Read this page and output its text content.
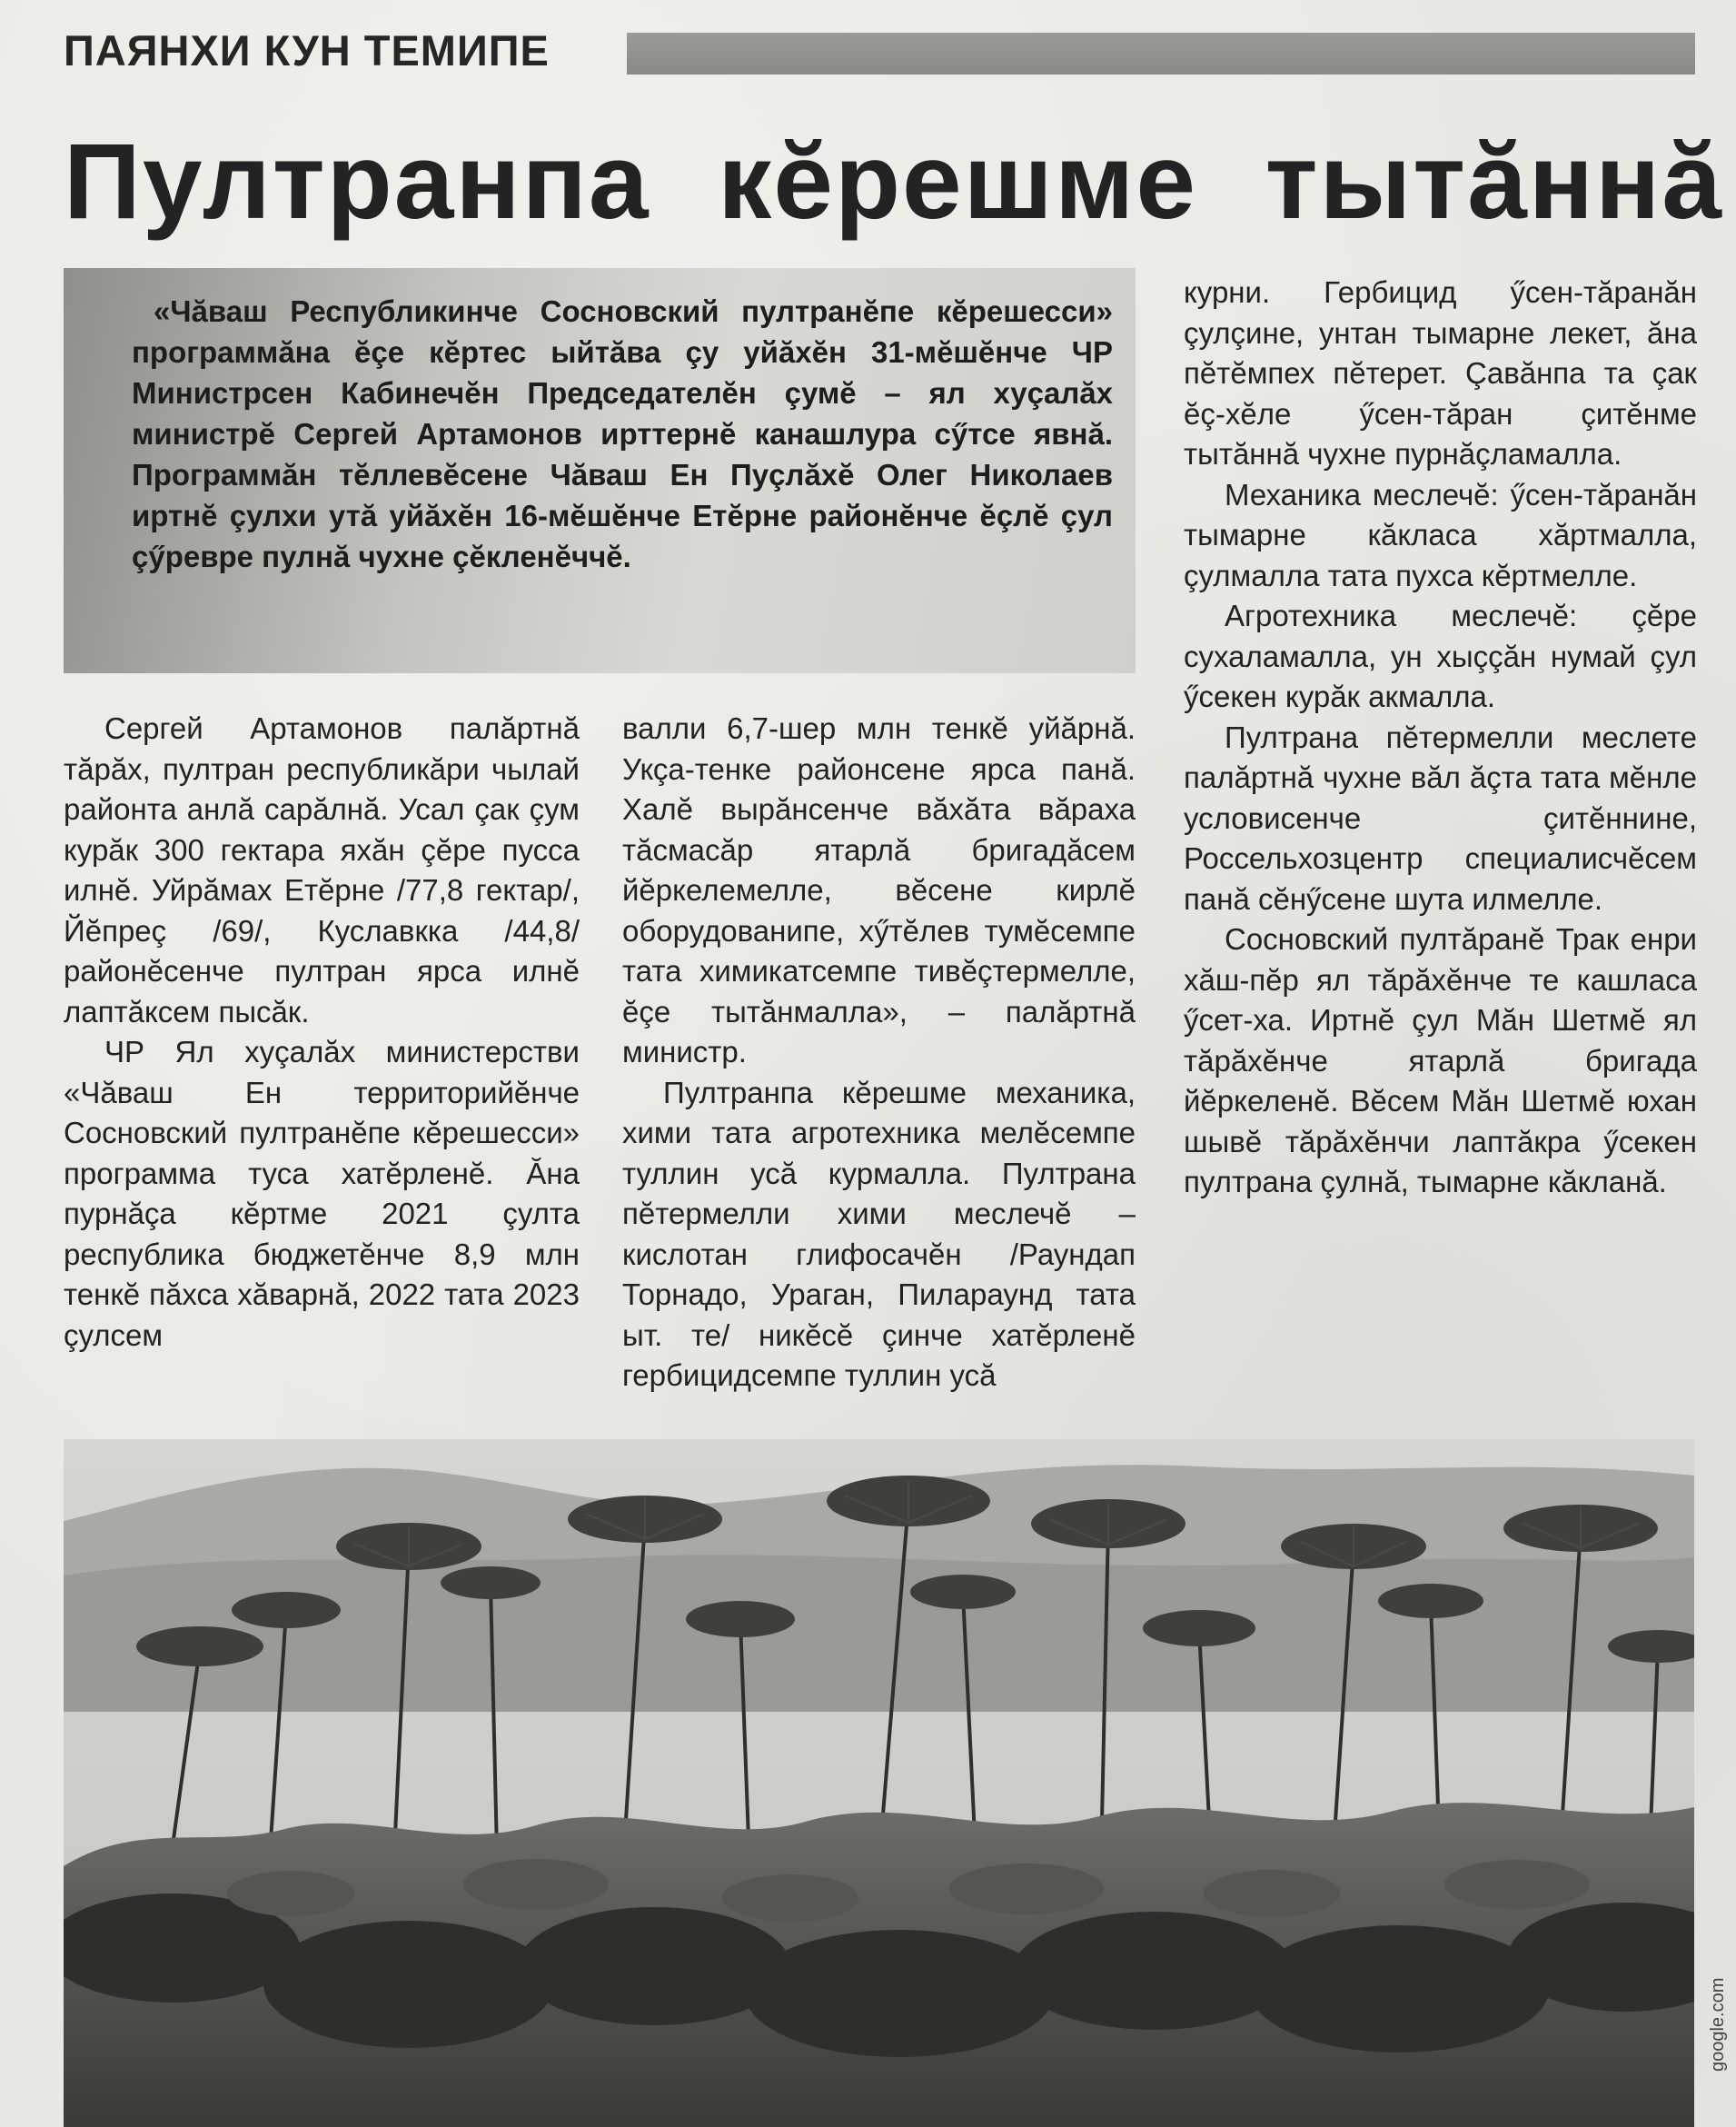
ПАЯНХИ КУН ТЕМИПЕ
Пултранпа кĕрешме тытăннă

«Чăваш Республикинче Сосновский пултранĕпе кĕрешесси» программăна ĕçе кĕртес ыйтăва çу уйăхĕн 31-мĕшĕнче ЧР Министрсен Кабинечĕн Председателĕн çумĕ – ял хуçалăх министрĕ Сергей Артамонов ирттернĕ канашлура сӳтсе явнă. Программăн тĕллевĕсене Чăваш Ен Пуçлăхĕ Олег Николаев иртнĕ çулхи утă уйăхĕн 16-мĕшĕнче Етĕрне районĕнче ĕçлĕ çул çӳревре пулнă чухне çĕкленĕччĕ.

Сергей Артамонов палăртнă тăрăх, пултран республикăри чылай районта анлă сарăлнă. Усал çак çум курăк 300 гектара яхăн çĕре пусса илнĕ. Уйрăмах Етĕрне /77,8 гектар/, Йĕпреç /69/, Куславкка /44,8/ районĕсенче пултран ярса илнĕ лаптăксем пысăк.

ЧР Ял хуçалăх министерстви «Чăваш Ен территорийĕнче Сосновский пултранĕпе кĕрешесси» программа туса хатĕрленĕ. Ăна пурнăçа кĕртме 2021 çулта республика бюджетĕнче 8,9 млн тенкĕ пăхса хăварнă, 2022 тата 2023 çулсем

валли 6,7-шер млн тенкĕ уйăрнă. Укçа-тенке районсене ярса панă. Халĕ вырăнсенче вăхăта вăраха тăсмасăр ятарлă бригадăсем йĕркелемелле, вĕсене кирлĕ оборудованипе, хӳтĕлев тумĕсемпе тата химикатсемпе тивĕçтермелле, ĕçе тытăнмалла», – палăртнă министр.

Пултранпа кĕрешме механика, хими тата агротехника мелĕсемпе туллин усă курмалла. Пултрана пĕтермелли хими меслечĕ – кислотан глифосачĕн /Раундап Торнадо, Ураган, Пилараунд тата ыт. те/ никĕсĕ çинче хатĕрленĕ гербицидсемпе туллин усă

курни. Гербицид ӳсен-тăранăн çулçине, унтан тымарне лекет, ăна пĕтĕмпех пĕтерет. Çавăнпа та çак ĕç-хĕле ӳсен-тăран çитĕнме тытăннă чухне пурнăçламалла.

Механика меслечĕ: ӳсен-тăранăн тымарне кăкласа хăртмалла, çулмалла тата пухса кĕртмелле.

Агротехника меслечĕ: çĕре сухаламалла, ун хыççăн нумай çул ӳсекен курăк акмалла.

Пултрана пĕтермелли меслете палăртнă чухне вăл ăçта тата мĕнле условисенче çитĕннине, Россельхозцентр специалисчĕсем панă сĕнӳсене шута илмелле.

Сосновский пултăранĕ Трак енри хăш-пĕр ял тăрăхĕнче те кашласа ӳсет-ха. Иртнĕ çул Мăн Шетмĕ ял тăрăхĕнче ятарлă бригада йĕркеленĕ. Вĕсем Мăн Шетмĕ юхан шывĕ тăрăхĕнчи лаптăкра ӳсекен пултрана çулнă, тымарне кăкланă.

google.com
